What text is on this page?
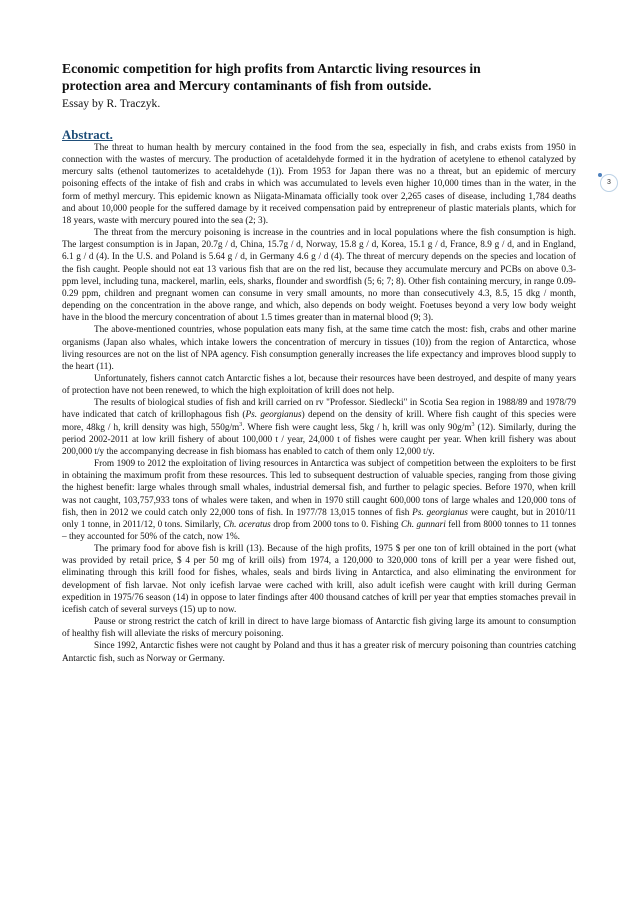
Economic competition for high profits from Antarctic living resources in
protection area and Mercury contaminants of fish from outside.

Essay by R. Traczyk.

Abstract.

The threat to human health by mercury contained in the food from the sea, especially in fish, and crabs exists from 1950 in connection with the wastes of mercury. The production of acetaldehyde formed it in the hydration of acetylene to ethenol catalyzed by mercury salts (ethenol tautomerizes to acetaldehyde (1)). From 1953 for Japan there was no a threat, but an epidemic of mercury poisoning effects of the intake of fish and crabs in which was accumulated to levels even higher 10,000 times than in the water, in the form of methyl mercury. This epidemic known as Niigata-Minamata officially took over 2,265 cases of disease, including 1,784 deaths and about 10,000 people for the suffered damage by it received compensation paid by entrepreneur of plastic materials plants, which for 18 years, waste with mercury poured into the sea (2; 3).

The threat from the mercury poisoning is increase in the countries and in local populations where the fish consumption is high. The largest consumption is in Japan, 20.7g / d, China, 15.7g / d, Norway, 15.8 g / d, Korea, 15.1 g / d, France, 8.9 g / d, and in England, 6.1 g / d (4). In the U.S. and Poland is 5.64 g / d, in Germany 4.6 g / d (4). The threat of mercury depends on the species and location of the fish caught. People should not eat 13 various fish that are on the red list, because they accumulate mercury and PCBs on above 0.3-ppm level, including tuna, mackerel, marlin, eels, sharks, flounder and swordfish (5; 6; 7; 8). Other fish containing mercury, in range 0.09-0.29 ppm, children and pregnant women can consume in very small amounts, no more than consecutively 4.3, 8.5, 15 dkg / month, depending on the concentration in the above range, and which, also depends on body weight. Foetuses beyond a very low body weight have in the blood the mercury concentration of about 1.5 times greater than in maternal blood (9; 3).

The above-mentioned countries, whose population eats many fish, at the same time catch the most: fish, crabs and other marine organisms (Japan also whales, which intake lowers the concentration of mercury in tissues (10)) from the region of Antarctica, whose living resources are not on the list of NPA agency. Fish consumption generally increases the life expectancy and improves blood supply to the heart (11).

Unfortunately, fishers cannot catch Antarctic fishes a lot, because their resources have been destroyed, and despite of many years of protection have not been renewed, to which the high exploitation of krill does not help.

The results of biological studies of fish and krill carried on rv "Professor. Siedlecki" in Scotia Sea region in 1988/89 and 1978/79 have indicated that catch of krillophagous fish (Ps. georgianus) depend on the density of krill. Where fish caught of this species were more, 48kg / h, krill density was high, $550g/m^3$. Where fish were caught less, 5kg / h, krill was only $90g/m^3$ (12). Similarly, during the period 2002-2011 at low krill fishery of about 100,000 t / year, 24,000 t of fishes were caught per year. When krill fishery was about 200,000 t/y the accompanying decrease in fish biomass has enabled to catch of them only 12,000 t/y.

From 1909 to 2012 the exploitation of living resources in Antarctica was subject of competition between the exploiters to be first in obtaining the maximum profit from these resources. This led to subsequent destruction of valuable species, ranging from those giving the highest benefit: large whales through small whales, industrial demersal fish, and further to pelagic species. Before 1970, when krill was not caught, 103,757,933 tons of whales were taken, and when in 1970 still caught 600,000 tons of large whales and 120,000 tons of fish, then in 2012 we could catch only 22,000 tons of fish. In 1977/78 13,015 tonnes of fish Ps. georgianus were caught, but in 2010/11 only 1 tonne, in 2011/12, 0 tons. Similarly, Ch. aceratus drop from 2000 tons to 0. Fishing Ch. gunnari fell from 8000 tonnes to 11 tonnes – they accounted for 50% of the catch, now 1%.

The primary food for above fish is krill (13). Because of the high profits, 1975 $ per one ton of krill obtained in the port (what was provided by retail price, $ 4 per 50 mg of krill oils) from 1974, a 120,000 to 320,000 tons of krill per a year were fished out, eliminating through this krill food for fishes, whales, seals and birds living in Antarctica, and also eliminating the environment for development of fish larvae. Not only icefish larvae were cached with krill, also adult icefish were caught with krill during German expedition in 1975/76 season (14) in oppose to later findings after 400 thousand catches of krill per year that empties stomaches prevail in icefish catch of several surveys (15) up to now.

Pause or strong restrict the catch of krill in direct to have large biomass of Antarctic fish giving large its amount to consumption of healthy fish will alleviate the risks of mercury poisoning.

Since 1992, Antarctic fishes were not caught by Poland and thus it has a greater risk of mercury poisoning than countries catching Antarctic fish, such as Norway or Germany.

3
